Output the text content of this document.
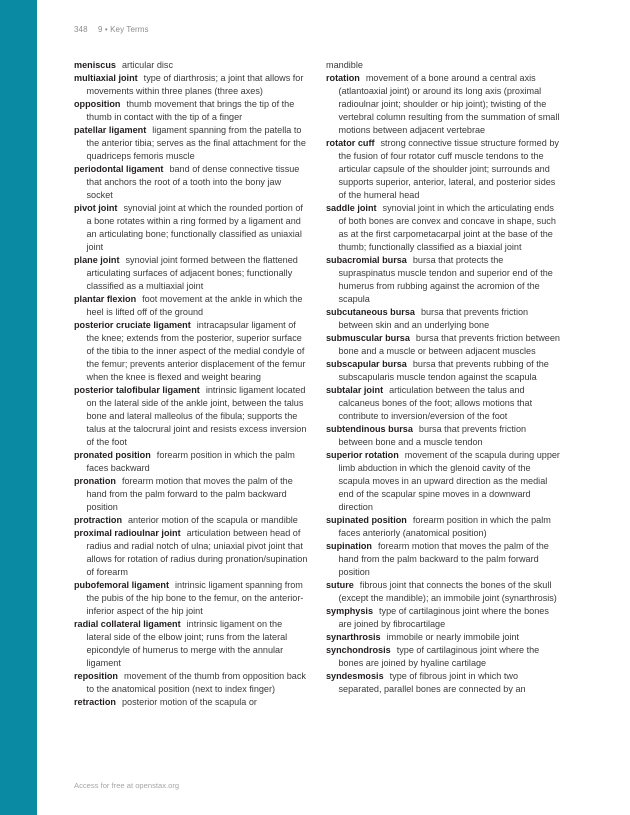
348 9 • Key Terms

meniscus articular disc

multiaxial joint type of diarthrosis; a joint that allows for movements within three planes (three axes)

opposition thumb movement that brings the tip of the thumb in contact with the tip of a finger

patellar ligament ligament spanning from the patella to the anterior tibia; serves as the final attachment for the quadriceps femoris muscle

periodontal ligament band of dense connective tissue that anchors the root of a tooth into the bony jaw socket

pivot joint synovial joint at which the rounded portion of a bone rotates within a ring formed by a ligament and an articulating bone; functionally classified as uniaxial joint

plane joint synovial joint formed between the flattened articulating surfaces of adjacent bones; functionally classified as a multiaxial joint

plantar flexion foot movement at the ankle in which the heel is lifted off of the ground

posterior cruciate ligament intracapsular ligament of the knee; extends from the posterior, superior surface of the tibia to the inner aspect of the medial condyle of the femur; prevents anterior displacement of the femur when the knee is flexed and weight bearing

posterior talofibular ligament intrinsic ligament located on the lateral side of the ankle joint, between the talus bone and lateral malleolus of the fibula; supports the talus at the talocrural joint and resists excess inversion of the foot

pronated position forearm position in which the palm faces backward

pronation forearm motion that moves the palm of the hand from the palm forward to the palm backward position

protraction anterior motion of the scapula or mandible

proximal radioulnar joint articulation between head of radius and radial notch of ulna; uniaxial pivot joint that allows for rotation of radius during pronation/supination of forearm

pubofemoral ligament intrinsic ligament spanning from the pubis of the hip bone to the femur, on the anterior-inferior aspect of the hip joint

radial collateral ligament intrinsic ligament on the lateral side of the elbow joint; runs from the lateral epicondyle of humerus to merge with the annular ligament

reposition movement of the thumb from opposition back to the anatomical position (next to index finger)

retraction posterior motion of the scapula or

mandible

rotation movement of a bone around a central axis (atlantoaxial joint) or around its long axis (proximal radioulnar joint; shoulder or hip joint); twisting of the vertebral column resulting from the summation of small motions between adjacent vertebrae

rotator cuff strong connective tissue structure formed by the fusion of four rotator cuff muscle tendons to the articular capsule of the shoulder joint; surrounds and supports superior, anterior, lateral, and posterior sides of the humeral head

saddle joint synovial joint in which the articulating ends of both bones are convex and concave in shape, such as at the first carpometacarpal joint at the base of the thumb; functionally classified as a biaxial joint

subacromial bursa bursa that protects the supraspinatus muscle tendon and superior end of the humerus from rubbing against the acromion of the scapula

subcutaneous bursa bursa that prevents friction between skin and an underlying bone

submuscular bursa bursa that prevents friction between bone and a muscle or between adjacent muscles

subscapular bursa bursa that prevents rubbing of the subscapularis muscle tendon against the scapula

subtalar joint articulation between the talus and calcaneus bones of the foot; allows motions that contribute to inversion/eversion of the foot

subtendinous bursa bursa that prevents friction between bone and a muscle tendon

superior rotation movement of the scapula during upper limb abduction in which the glenoid cavity of the scapula moves in an upward direction as the medial end of the scapular spine moves in a downward direction

supinated position forearm position in which the palm faces anteriorly (anatomical position)

supination forearm motion that moves the palm of the hand from the palm backward to the palm forward position

suture fibrous joint that connects the bones of the skull (except the mandible); an immobile joint (synarthrosis)

symphysis type of cartilaginous joint where the bones are joined by fibrocartilage

synarthrosis immobile or nearly immobile joint

synchondrosis type of cartilaginous joint where the bones are joined by hyaline cartilage

syndesmosis type of fibrous joint in which two separated, parallel bones are connected by an

Access for free at openstax.org
